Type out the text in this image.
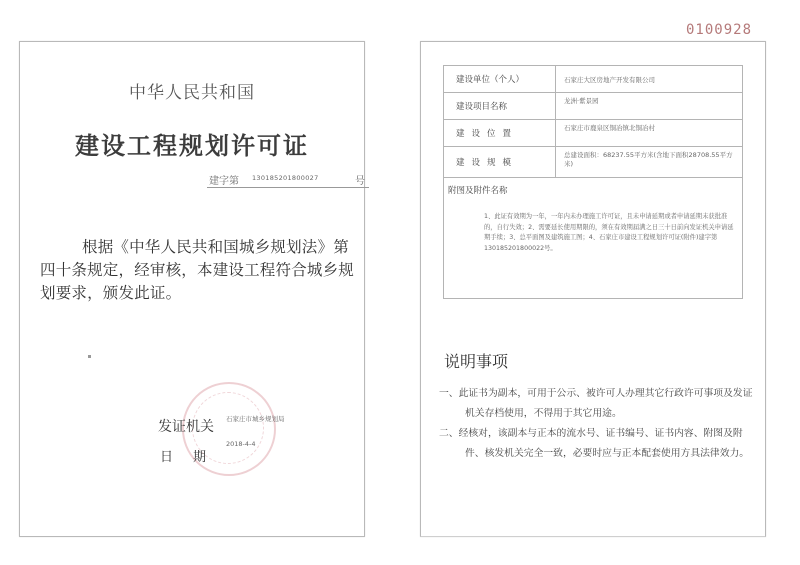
中华人民共和国
建设工程规划许可证
建字第 130185201800027	号
根据《中华人民共和国城乡规划法》第四十条规定，经审核，本建设工程符合城乡规划要求，颁发此证。
发证机关 石家庄市城乡规划局
日期
2018-4-4
0100928
建设单位（个人）	石家庄大区房地产开发有限公司
建设项目名称	龙洲·紫景园
建设位置	石家庄市鹿泉区铜冶镇北铜冶村
建设规模	总建设面积：68237.55平方米(含地下面积28708.55平方米)

附图及附件名称
1、此证有效期为一年，一年内未办理施工许可证，且未申请延期或者申请延期未获批准的，自行失效；2、需要延长使用期限的，须在有效期届满之日三十日前向发证机关申请延期手续；3、总平面图及建筑施工图；4、石家庄市建设工程规划许可证(附件)建字第130185201800022号。	
说明事项
一、此证书为副本，可用于公示、被许可人办理其它行政许可事项及发证机关存档使用，不得用于其它用途。
二、经核对，该副本与正本的流水号、证书编号、证书内容、附图及附件、核发机关完全一致，必要时应与正本配套使用方具法律效力。
